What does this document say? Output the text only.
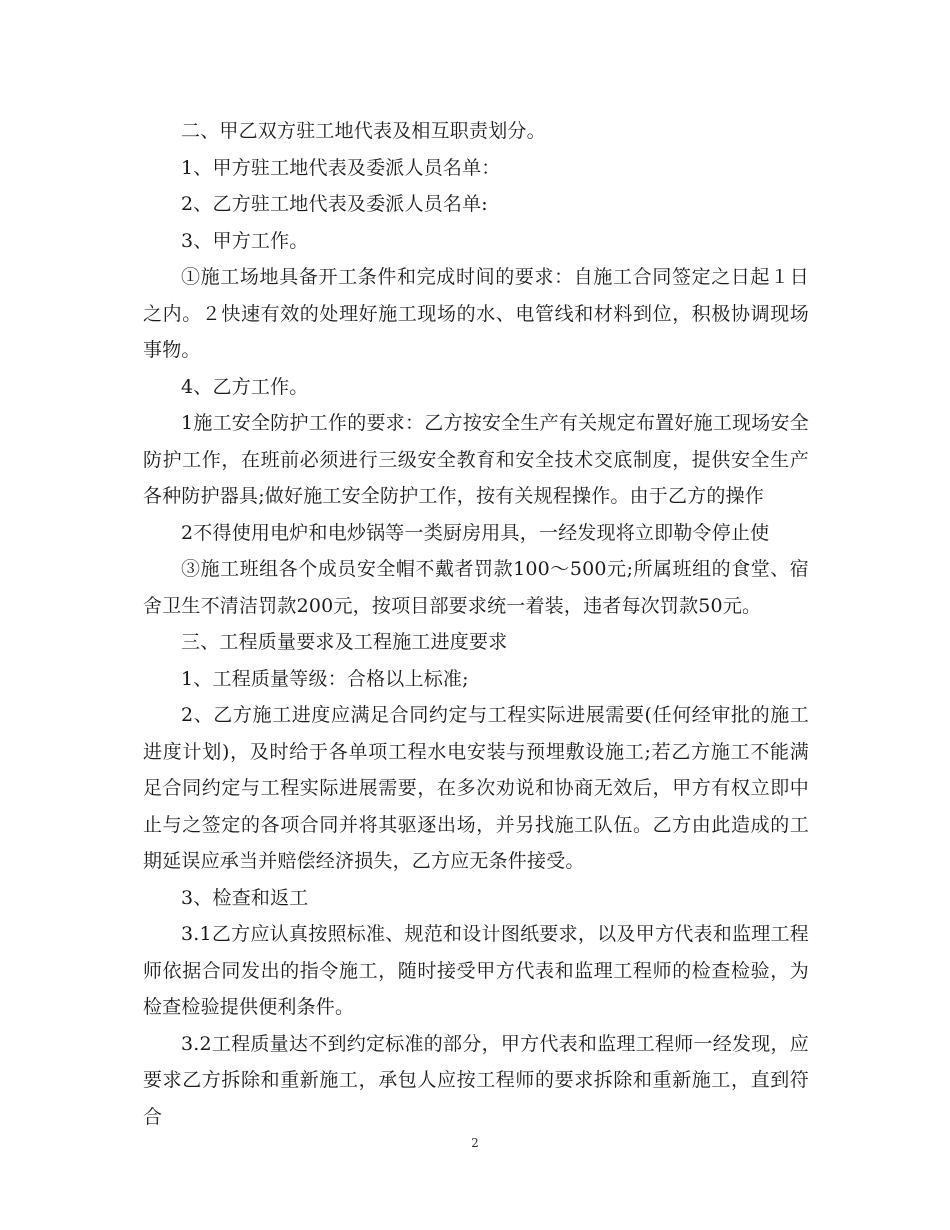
二、甲乙双方驻工地代表及相互职责划分。

1、甲方驻工地代表及委派人员名单：

2、乙方驻工地代表及委派人员名单:

3、甲方工作。

①施工场地具备开工条件和完成时间的要求：自施工合同签定之日起１日之内。２快速有效的处理好施工现场的水、电管线和材料到位，积极协调现场事物。

4、乙方工作。

1施工安全防护工作的要求：乙方按安全生产有关规定布置好施工现场安全防护工作，在班前必须进行三级安全教育和安全技术交底制度，提供安全生产各种防护器具;做好施工安全防护工作，按有关规程操作。由于乙方的操作

2不得使用电炉和电炒锅等一类厨房用具，一经发现将立即勒令停止使

③施工班组各个成员安全帽不戴者罚款100～500元;所属班组的食堂、宿舍卫生不清洁罚款200元，按项目部要求统一着装，违者每次罚款50元。

三、工程质量要求及工程施工进度要求

1、工程质量等级：合格以上标准;

2、乙方施工进度应满足合同约定与工程实际进展需要(任何经审批的施工进度计划)，及时给于各单项工程水电安装与预埋敷设施工;若乙方施工不能满足合同约定与工程实际进展需要，在多次劝说和协商无效后，甲方有权立即中止与之签定的各项合同并将其驱逐出场，并另找施工队伍。乙方由此造成的工期延误应承当并赔偿经济损失，乙方应无条件接受。

3、检查和返工

3.1乙方应认真按照标准、规范和设计图纸要求，以及甲方代表和监理工程师依据合同发出的指令施工，随时接受甲方代表和监理工程师的检查检验，为检查检验提供便利条件。

3.2工程质量达不到约定标准的部分，甲方代表和监理工程师一经发现，应要求乙方拆除和重新施工，承包人应按工程师的要求拆除和重新施工，直到符合

2
